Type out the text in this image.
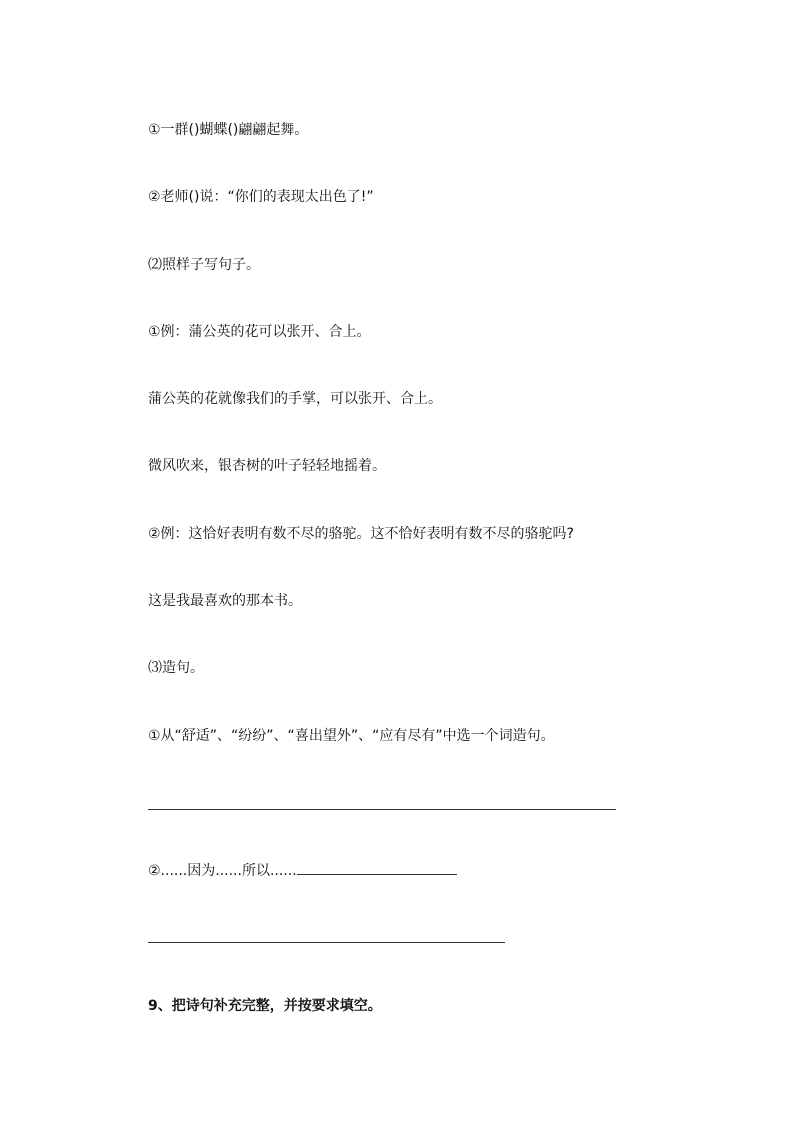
①一群()蝴蝶()翩翩起舞。
②老师()说：“你们的表现太出色了!”
⑵照样子写句子。
①例：蒲公英的花可以张开、合上。
蒲公英的花就像我们的手掌，可以张开、合上。
微风吹来，银杏树的叶子轻轻地摇着。
②例：这恰好表明有数不尽的骆驼。这不恰好表明有数不尽的骆驼吗?
这是我最喜欢的那本书。
⑶造句。
①从“舒适”、“纷纷”、“喜出望外”、“应有尽有”中选一个词造句。
②......因为......所以......
9、把诗句补充完整，并按要求填空。
